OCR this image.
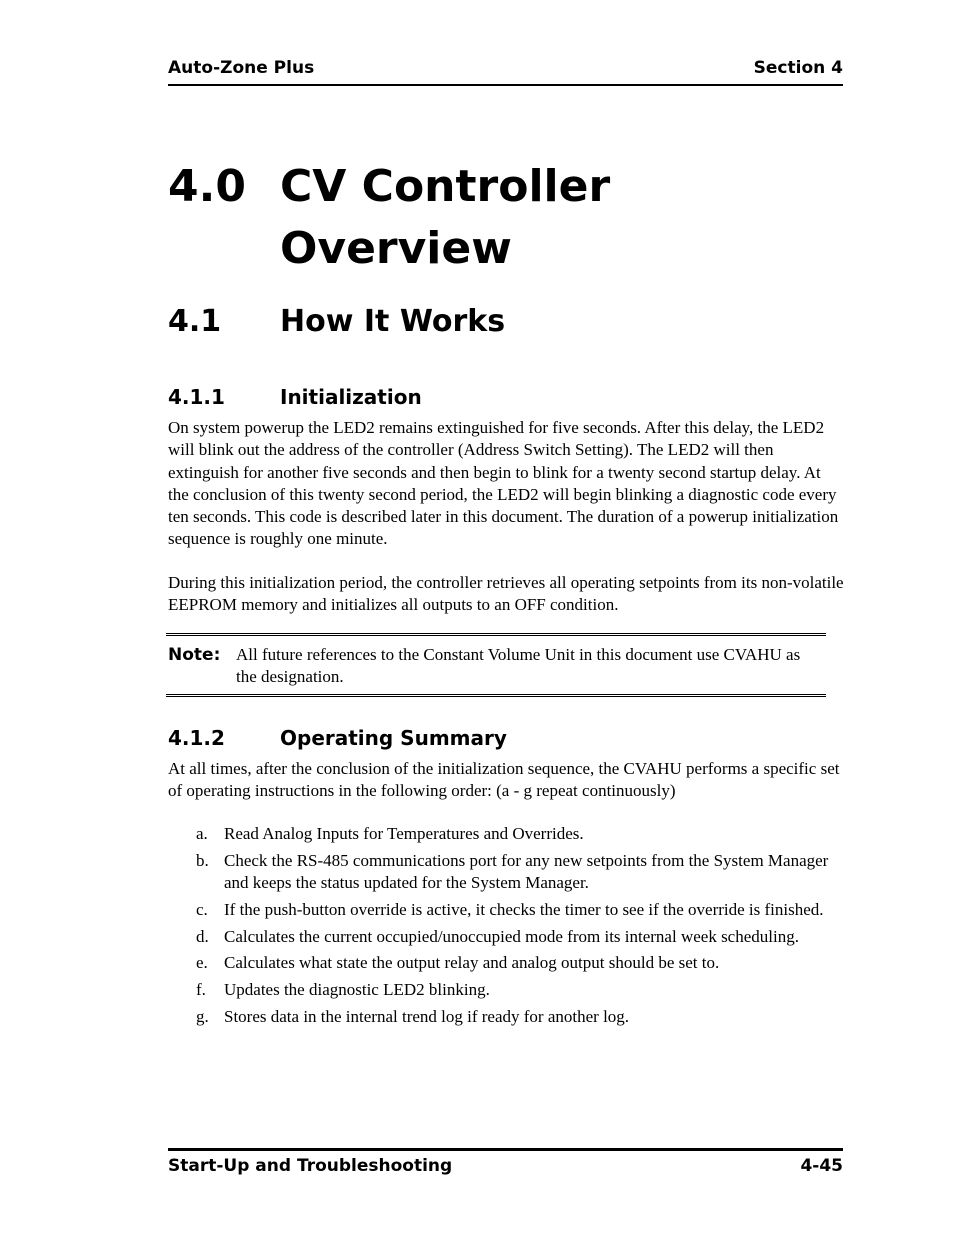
Auto-Zone Plus	Section 4
4.0 CV Controller Overview
4.1 How It Works
4.1.1	Initialization

On system powerup the LED2 remains extinguished for five seconds. After this delay, the LED2 will blink out the address of the controller (Address Switch Setting). The LED2 will then extinguish for another five seconds and then begin to blink for a twenty second startup delay. At the conclusion of this twenty second period, the LED2 will begin blinking a diagnostic code every ten seconds. This code is described later in this document. The duration of a powerup initialization sequence is roughly one minute.

During this initialization period, the controller retrieves all operating setpoints from its non-volatile EEPROM memory and initializes all outputs to an OFF condition.

Note: All future references to the Constant Volume Unit in this document use CVAHU as the designation.
4.1.2	Operating Summary

At all times, after the conclusion of the initialization sequence, the CVAHU performs a specific set of operating instructions in the following order: (a - g repeat continuously)

a. Read Analog Inputs for Temperatures and Overrides.
b. Check the RS-485 communications port for any new setpoints from the System Manager and keeps the status updated for the System Manager.
c. If the push-button override is active, it checks the timer to see if the override is finished.
d. Calculates the current occupied/unoccupied mode from its internal week scheduling.
e. Calculates what state the output relay and analog output should be set to.
f. Updates the diagnostic LED2 blinking.
g. Stores data in the internal trend log if ready for another log.
Start-Up and Troubleshooting	4-45
